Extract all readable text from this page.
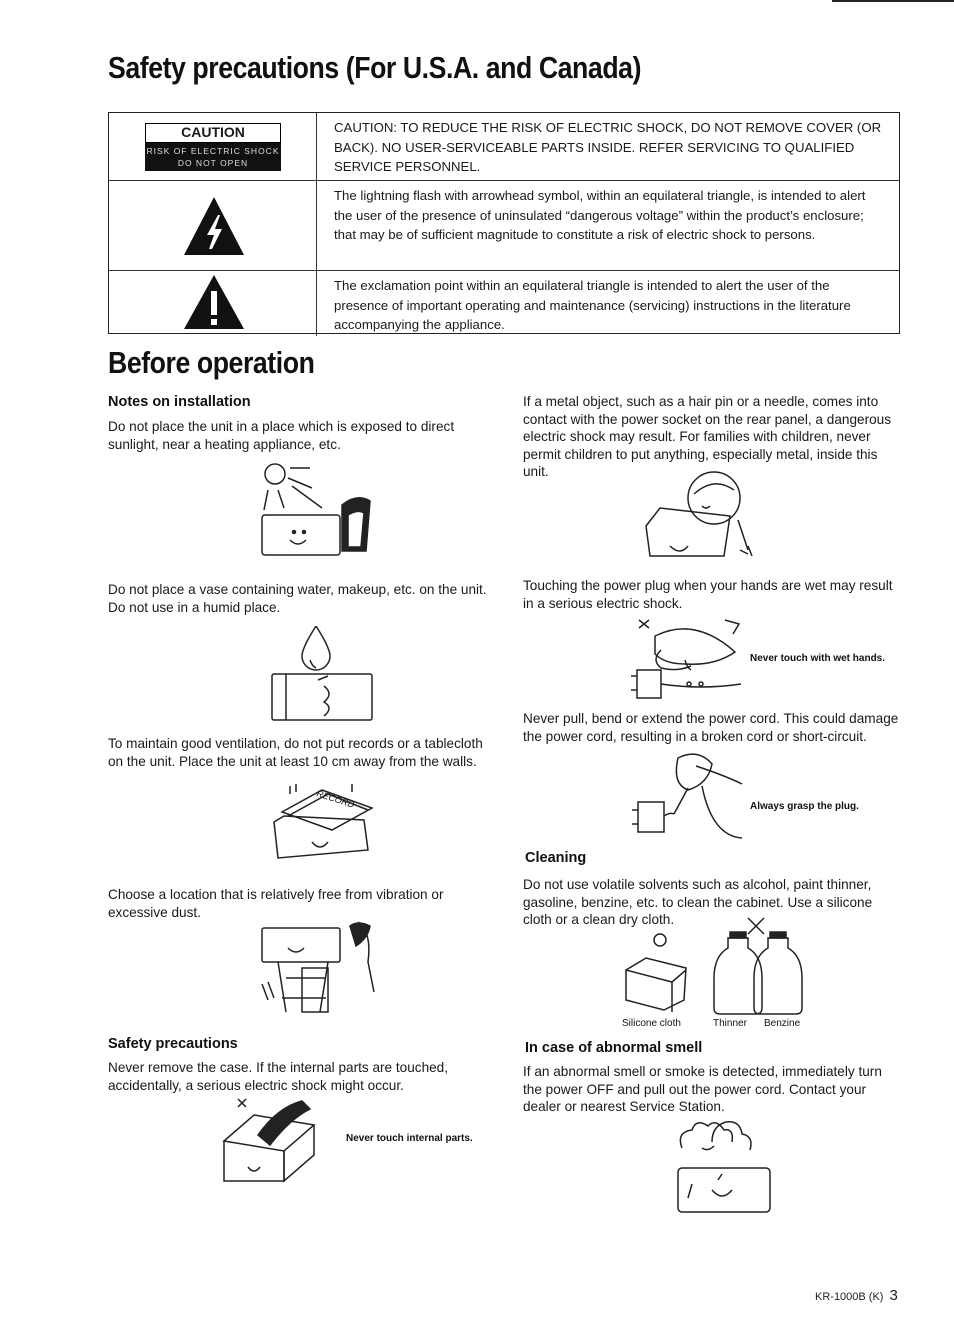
Safety precautions (For U.S.A. and Canada)
CAUTION
RISK OF ELECTRIC SHOCK
DO NOT OPEN
CAUTION: TO REDUCE THE RISK OF ELECTRIC SHOCK, DO NOT REMOVE COVER (OR BACK). NO USER-SERVICEABLE PARTS INSIDE. REFER SERVICING TO QUALIFIED SERVICE PERSONNEL.
The lightning flash with arrowhead symbol, within an equilateral triangle, is intended to alert the user of the presence of uninsulated “dangerous voltage” within the product’s enclosure; that may be of sufficient magnitude to constitute a risk of electric shock to persons.
The exclamation point within an equilateral triangle is intended to alert the user of the presence of important operating and maintenance (servicing) instructions in the literature accompanying the appliance.
Before operation
Notes on installation

Do not place the unit in a place which is exposed to direct sunlight, near a heating appliance, etc.

Do not place a vase containing water, makeup, etc. on the unit. Do not use in a humid place.

To maintain good ventilation, do not put records or a tablecloth on the unit. Place the unit at least 10 cm away from the walls.

RECORD

Choose a location that is relatively free from vibration or excessive dust.

Safety precautions

Never remove the case. If the internal parts are touched, accidentally, a serious electric shock might occur.

Never touch internal parts.

If a metal object, such as a hair pin or a needle, comes into contact with the power socket on the rear panel, a dangerous electric shock may result. For families with children, never permit children to put anything, especially metal, inside this unit.

Touching the power plug when your hands are wet may result in a serious electric shock.

Never touch with wet hands.

Never pull, bend or extend the power cord. This could damage the power cord, resulting in a broken cord or short-circuit.

Always grasp the plug.
Cleaning

Do not use volatile solvents such as alcohol, paint thinner, gasoline, benzine, etc. to clean the cabinet. Use a silicone cloth or a clean dry cloth.

Silicone cloth	Thinner Benzine
In case of abnormal smell

If an abnormal smell or smoke is detected, immediately turn the power OFF and pull out the power cord. Contact your dealer or nearest Service Station.

KR-1000B (K) 3
